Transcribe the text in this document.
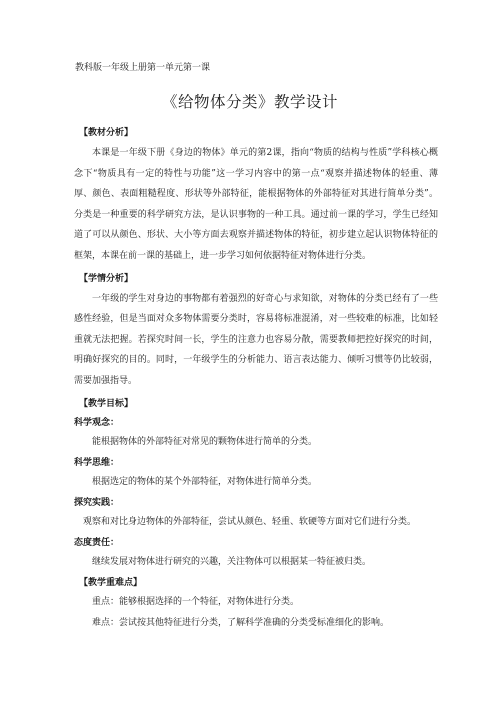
教科版一年级上册第一单元第一课
《给物体分类》教学设计
【教材分析】
本课是一年级下册《身边的物体》单元的第2课，指向“物质的结构与性质”学科核心概念下“物质具有一定的特性与功能”这一学习内容中的第一点“观察并描述物体的轻重、薄厚、颜色、表面粗糙程度、形状等外部特征，能根据物体的外部特征对其进行简单分类”。分类是一种重要的科学研究方法，是认识事物的一种工具。通过前一课的学习，学生已经知道了可以从颜色、形状、大小等方面去观察并描述物体的特征，初步建立起认识物体特征的框架，本课在前一课的基础上，进一步学习如何依据特征对物体进行分类。
【学情分析】
一年级的学生对身边的事物都有着强烈的好奇心与求知欲，对物体的分类已经有了一些感性经验，但是当面对众多物体需要分类时，容易将标准混淆，对一些较难的标准，比如轻重就无法把握。若探究时间一长，学生的注意力也容易分散，需要教师把控好探究的时间，明确好探究的目的。同时，一年级学生的分析能力、语言表达能力、倾听习惯等仍比较弱，需要加强指导。
【教学目标】
科学观念：
能根据物体的外部特征对常见的颗物体进行简单的分类。
科学思维：
根据选定的物体的某个外部特征，对物体进行简单分类。
探究实践：
观察和对比身边物体的外部特征，尝试从颜色、轻重、软硬等方面对它们进行分类。
态度责任：
继续发展对物体进行研究的兴趣，关注物体可以根据某一特征被归类。
【教学重难点】
重点：能够根据选择的一个特征，对物体进行分类。
难点：尝试按其他特征进行分类，了解科学准确的分类受标准细化的影响。
